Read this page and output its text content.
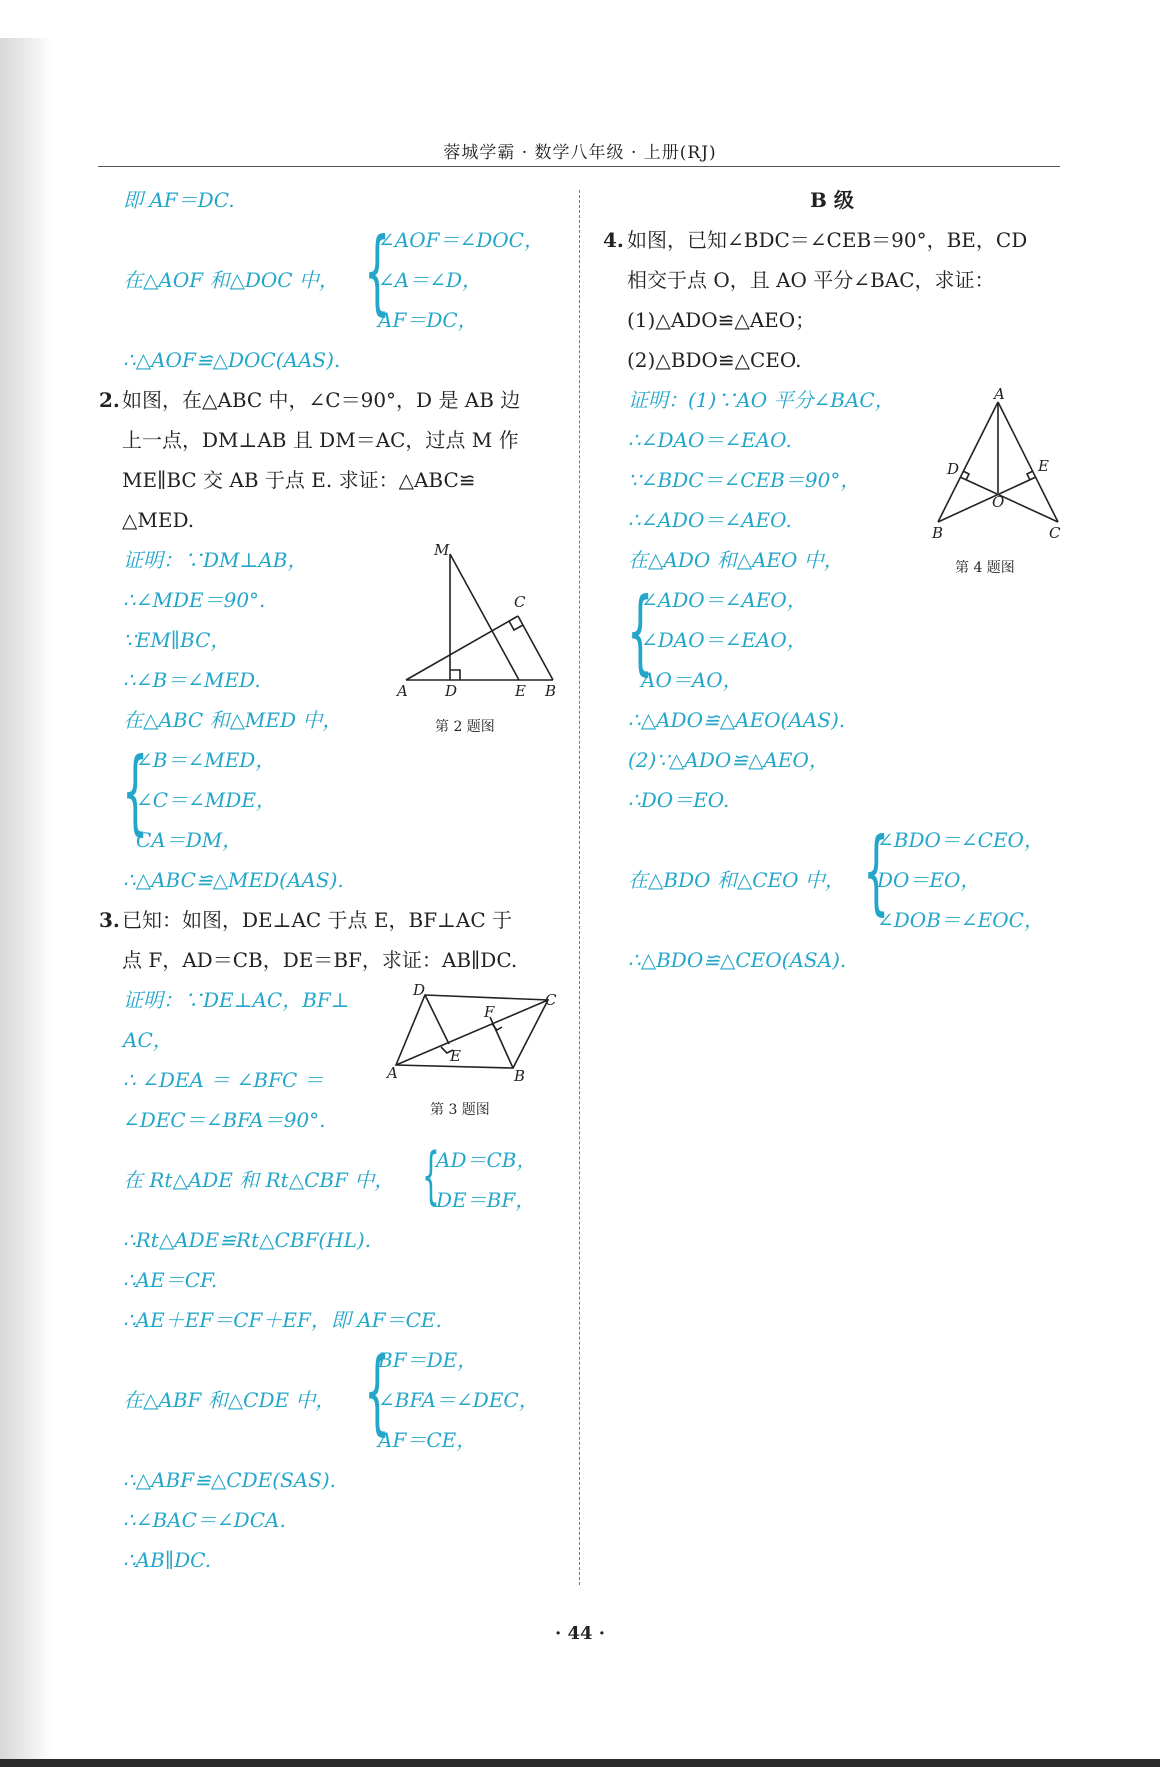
蓉城学霸 · 数学八年级 · 上册(RJ)
即 AF＝DC.
在△AOF 和△DOC 中， {
∠AOF＝∠DOC，
∠A＝∠D，
AF＝DC，
∴△AOF≌△DOC(AAS).
2. 如图，在△ABC 中，∠C＝90°，D 是 AB 边
上一点，DM⊥AB 且 DM＝AC，过点 M 作
ME∥BC 交 AB 于点 E. 求证：△ABC≌
△MED.
证明：∵DM⊥AB，
∴∠MDE＝90°.
∵EM∥BC，
∴∠B＝∠MED.
在△ABC 和△MED 中，
{
∠B＝∠MED，
∠C＝∠MDE，
CA＝DM，
∴△ABC≌△MED(AAS).
M
C
A D	E B
第 2 题图
3. 已知：如图，DE⊥AC 于点 E，BF⊥AC 于
点 F，AD＝CB，DE＝BF，求证：AB∥DC.
证明：∵DE⊥AC，BF⊥
AC，
∴ ∠DEA ＝ ∠BFC ＝
∠DEC＝∠BFA＝90°.
D
C
F
E
A	B
第 3 题图
在 Rt△ADE 和 Rt△CBF 中， {
AD＝CB，
DE＝BF，
∴Rt△ADE≌Rt△CBF(HL).
∴AE＝CF.
∴AE＋EF＝CF＋EF，即 AF＝CE.
在△ABF 和△CDE 中， {
BF＝DE，
∠BFA＝∠DEC，
AF＝CE，
∴△ABF≌△CDE(SAS).
∴∠BAC＝∠DCA.
∴AB∥DC.
B 级
4. 如图，已知∠BDC＝∠CEB＝90°，BE，CD
相交于点 O，且 AO 平分∠BAC，求证：
(1)△ADO≌△AEO；
(2)△BDO≌△CEO.
证明：(1)∵AO 平分∠BAC，
∴∠DAO＝∠EAO.
∵∠BDC＝∠CEB＝90°，
∴∠ADO＝∠AEO.
在△ADO 和△AEO 中，
A
D	E
O
B	C
第 4 题图
{
∠ADO＝∠AEO，
∠DAO＝∠EAO，
AO＝AO，
∴△ADO≌△AEO(AAS).
(2)∵△ADO≌△AEO，
∴DO＝EO.
在△BDO 和△CEO 中， {
∠BDO＝∠CEO，
DO＝EO，
∠DOB＝∠EOC，
∴△BDO≌△CEO(ASA).
· 44 ·
